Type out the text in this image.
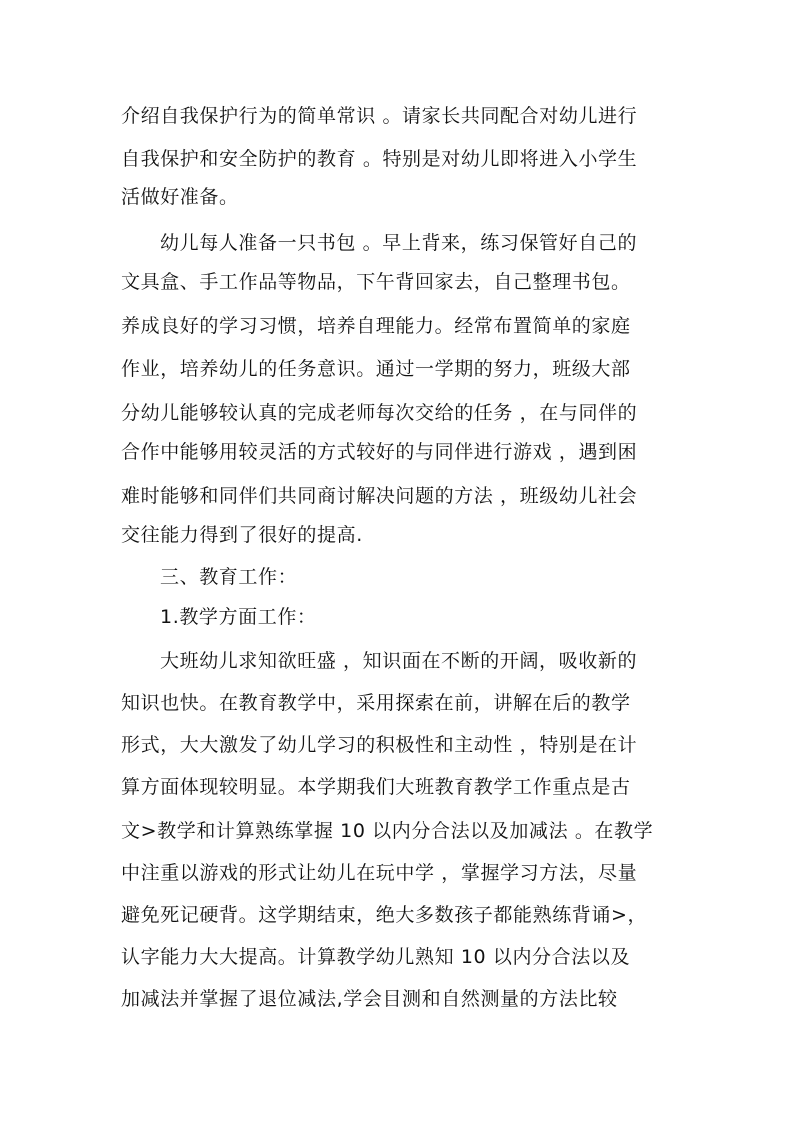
介绍自我保护行为的简单常识 。请家长共同配合对幼儿进行
自我保护和安全防护的教育 。特别是对幼儿即将进入小学生
活做好准备。
幼儿每人准备一只书包 。早上背来，练习保管好自己的
文具盒、手工作品等物品，下午背回家去，自己整理书包。
养成良好的学习习惯，培养自理能力。经常布置简单的家庭
作业，培养幼儿的任务意识。通过一学期的努力，班级大部
分幼儿能够较认真的完成老师每次交给的任务 ，在与同伴的
合作中能够用较灵活的方式较好的与同伴进行游戏 ，遇到困
难时能够和同伴们共同商讨解决问题的方法 ，班级幼儿社会
交往能力得到了很好的提高.
三、教育工作：
1.教学方面工作：
大班幼儿求知欲旺盛 ，知识面在不断的开阔，吸收新的
知识也快。在教育教学中，采用探索在前，讲解在后的教学
形式，大大激发了幼儿学习的积极性和主动性 ，特别是在计
算方面体现较明显。本学期我们大班教育教学工作重点是古
文>教学和计算熟练掌握 10 以内分合法以及加减法 。在教学
中注重以游戏的形式让幼儿在玩中学 ，掌握学习方法，尽量
避免死记硬背。这学期结束，绝大多数孩子都能熟练背诵>，
认字能力大大提高。计算教学幼儿熟知 10 以内分合法以及
加减法并掌握了退位减法,学会目测和自然测量的方法比较
